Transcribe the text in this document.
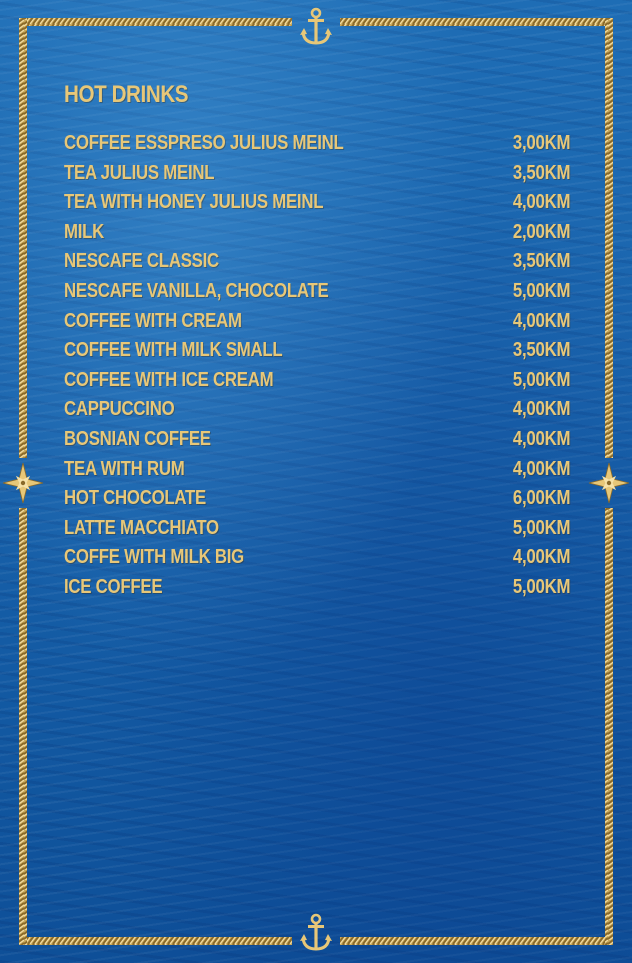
HOT DRINKS
COFFEE ESSPRESO JULIUS MEINL	3,00KM
TEA JULIUS MEINL	3,50KM
TEA WITH HONEY JULIUS MEINL	4,00KM
MILK	2,00KM
NESCAFE CLASSIC	3,50KM
NESCAFE VANILLA, CHOCOLATE	5,00KM
COFFEE WITH CREAM	4,00KM
COFFEE WITH MILK SMALL	3,50KM
COFFEE WITH ICE CREAM	5,00KM
CAPPUCCINO	4,00KM
BOSNIAN COFFEE	4,00KM
TEA WITH RUM	4,00KM
HOT CHOCOLATE	6,00KM
LATTE MACCHIATO	5,00KM
COFFE WITH MILK BIG	4,00KM
ICE COFFEE	5,00KM
